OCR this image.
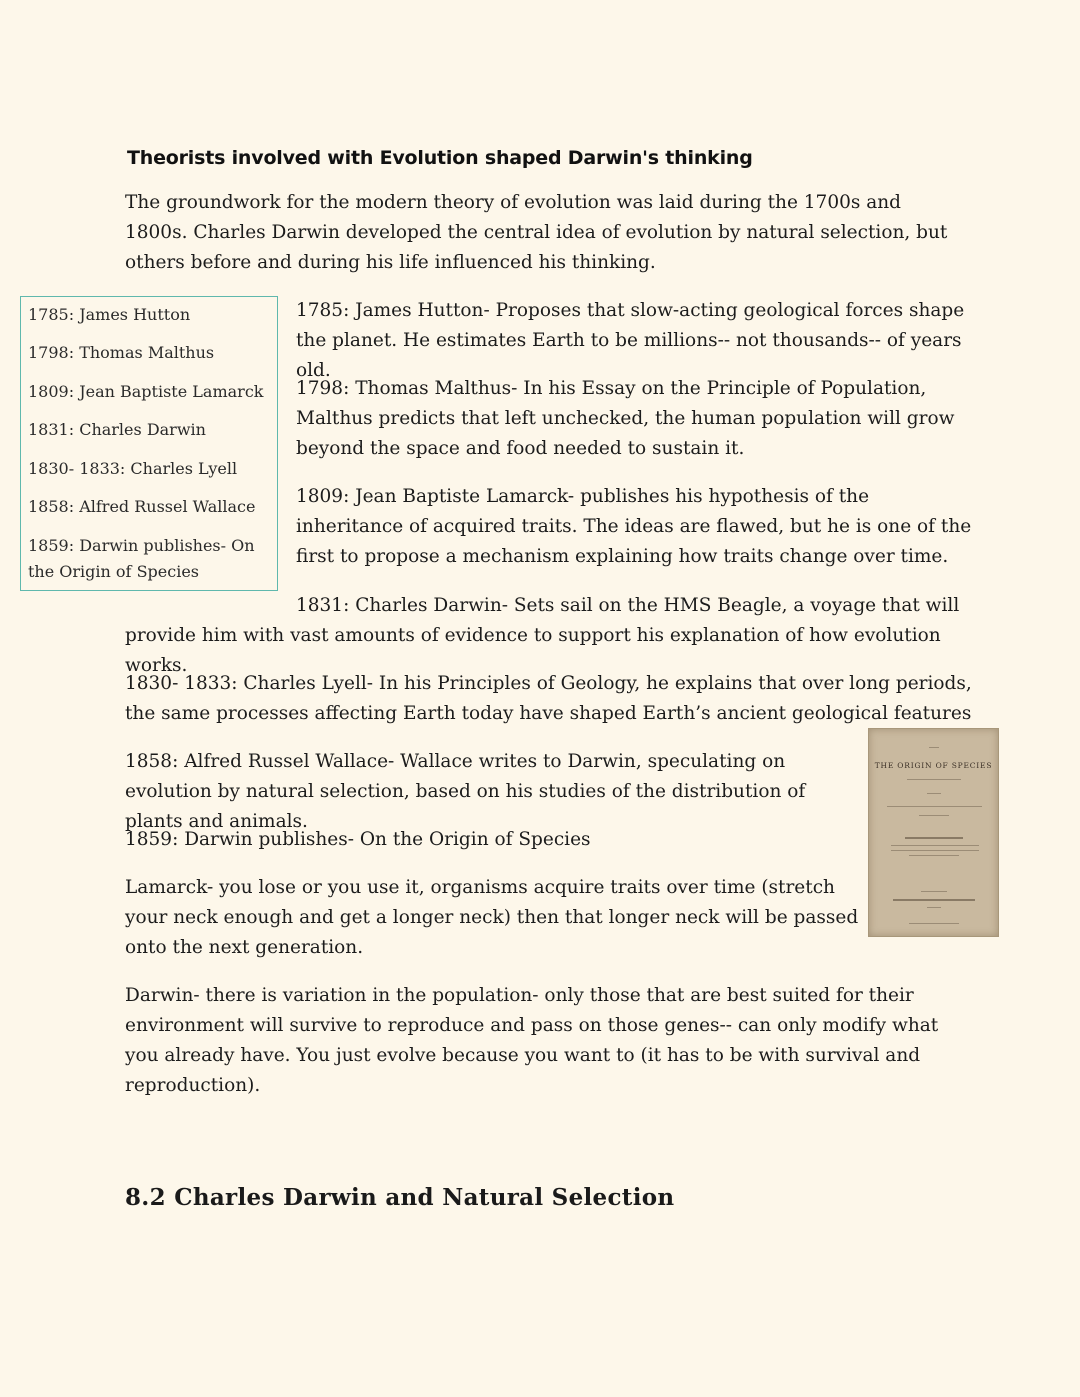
Theorists involved with Evolution shaped Darwin's thinking

The groundwork for the modern theory of evolution was laid during the 1700s and 1800s. Charles Darwin developed the central idea of evolution by natural selection, but others before and during his life influenced his thinking.

1785: James Hutton
1798: Thomas Malthus
1809: Jean Baptiste Lamarck
1831: Charles Darwin
1830- 1833: Charles Lyell
1858: Alfred Russel Wallace
1859: Darwin publishes- On the Origin of Species

1785: James Hutton- Proposes that slow-acting geological forces shape the planet. He estimates Earth to be millions-- not thousands-- of years old.

1798: Thomas Malthus- In his Essay on the Principle of Population, Malthus predicts that left unchecked, the human population will grow beyond the space and food needed to sustain it.

1809: Jean Baptiste Lamarck- publishes his hypothesis of the inheritance of acquired traits. The ideas are flawed, but he is one of the first to propose a mechanism explaining how traits change over time.

1831: Charles Darwin- Sets sail on the HMS Beagle, a voyage that will provide him with vast amounts of evidence to support his explanation of how evolution works.

1830- 1833: Charles Lyell- In his Principles of Geology, he explains that over long periods, the same processes affecting Earth today have shaped Earth’s ancient geological features

1858: Alfred Russel Wallace- Wallace writes to Darwin, speculating on evolution by natural selection, based on his studies of the distribution of plants and animals.

1859: Darwin publishes- On the Origin of Species

THE ORIGIN OF SPECIES

Lamarck- you lose or you use it, organisms acquire traits over time (stretch your neck enough and get a longer neck) then that longer neck will be passed onto the next generation.

Darwin- there is variation in the population- only those that are best suited for their environment will survive to reproduce and pass on those genes-- can only modify what you already have. You just evolve because you want to (it has to be with survival and reproduction).

8.2 Charles Darwin and Natural Selection
